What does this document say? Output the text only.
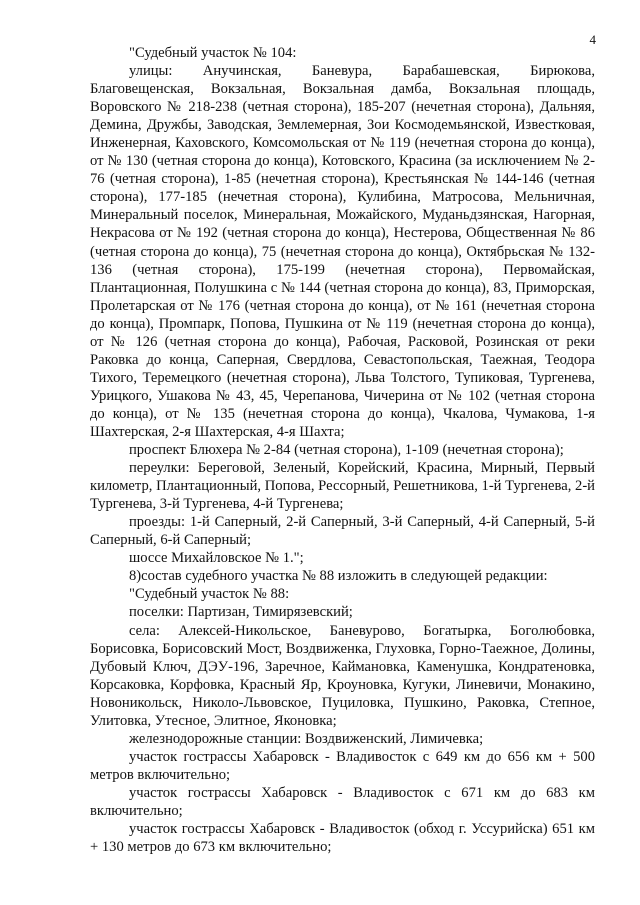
4

"Судебный участок № 104:

улицы: Анучинская, Баневура, Барабашевская, Бирюкова, Благовещенская, Вокзальная, Вокзальная дамба, Вокзальная площадь, Воровского № 218-238 (четная сторона), 185-207 (нечетная сторона), Дальняя, Демина, Дружбы, Заводская, Землемерная, Зои Космодемьянской, Известковая, Инженерная, Каховского, Комсомольская от № 119 (нечетная сторона до конца), от № 130 (четная сторона до конца), Котовского, Красина (за исключением № 2-76 (четная сторона), 1-85 (нечетная сторона), Крестьянская № 144-146 (четная сторона), 177-185 (нечетная сторона), Кулибина, Матросова, Мельничная, Минеральный поселок, Минеральная, Можайского, Муданьдзянская, Нагорная, Некрасова от № 192 (четная сторона до конца), Нестерова, Общественная № 86 (четная сторона до конца), 75 (нечетная сторона до конца), Октябрьская № 132-136 (четная сторона), 175-199 (нечетная сторона), Первомайская, Плантационная, Полушкина с № 144 (четная сторона до конца), 83, Приморская, Пролетарская от № 176 (четная сторона до конца), от № 161 (нечетная сторона до конца), Промпарк, Попова, Пушкина от № 119 (нечетная сторона до конца), от № 126 (четная сторона до конца), Рабочая, Расковой, Розинская от реки Раковка до конца, Саперная, Свердлова, Севастопольская, Таежная, Теодора Тихого, Теремецкого (нечетная сторона), Льва Толстого, Тупиковая, Тургенева, Урицкого, Ушакова № 43, 45, Черепанова, Чичерина от № 102 (четная сторона до конца), от № 135 (нечетная сторона до конца), Чкалова, Чумакова, 1-я Шахтерская, 2-я Шахтерская, 4-я Шахта;

проспект Блюхера № 2-84 (четная сторона), 1-109 (нечетная сторона);

переулки: Береговой, Зеленый, Корейский, Красина, Мирный, Первый километр, Плантационный, Попова, Рессорный, Решетникова, 1-й Тургенева, 2-й Тургенева, 3-й Тургенева, 4-й Тургенева;

проезды: 1-й Саперный, 2-й Саперный, 3-й Саперный, 4-й Саперный, 5-й Саперный, 6-й Саперный;

шоссе Михайловское № 1.";

8)состав судебного участка № 88 изложить в следующей редакции:

"Судебный участок № 88:

поселки: Партизан, Тимирязевский;

села: Алексей-Никольское, Баневурово, Богатырка, Боголюбовка, Борисовка, Борисовский Мост, Воздвиженка, Глуховка, Горно-Таежное, Долины, Дубовый Ключ, ДЭУ-196, Заречное, Каймановка, Каменушка, Кондратеновка, Корсаковка, Корфовка, Красный Яр, Кроуновка, Кугуки, Линевичи, Монакино, Новоникольск, Николо-Львовское, Пуциловка, Пушкино, Раковка, Степное, Улитовка, Утесное, Элитное, Яконовка;

железнодорожные станции: Воздвиженский, Лимичевка;

участок гострассы Хабаровск - Владивосток с 649 км до 656 км + 500 метров включительно;

участок гострассы Хабаровск - Владивосток с 671 км до 683 км включительно;

участок гострассы Хабаровск - Владивосток (обход г. Уссурийска) 651 км + 130 метров до 673 км включительно;
